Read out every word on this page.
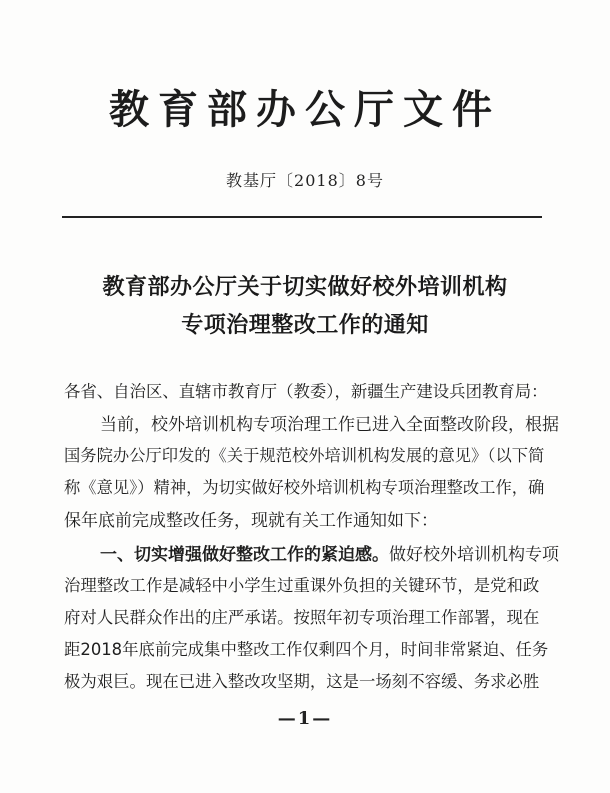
教育部办公厅文件
教基厅〔2018〕8号
教育部办公厅关于切实做好校外培训机构
专项治理整改工作的通知
各省、自治区、直辖市教育厅（教委），新疆生产建设兵团教育局：
当前，校外培训机构专项治理工作已进入全面整改阶段，根据
国务院办公厅印发的《关于规范校外培训机构发展的意见》（以下简
称《意见》）精神，为切实做好校外培训机构专项治理整改工作，确
保年底前完成整改任务，现就有关工作通知如下：
一、切实增强做好整改工作的紧迫感。做好校外培训机构专项
治理整改工作是减轻中小学生过重课外负担的关键环节，是党和政
府对人民群众作出的庄严承诺。按照年初专项治理工作部署，现在
距2018年底前完成集中整改工作仅剩四个月，时间非常紧迫、任务
极为艰巨。现在已进入整改攻坚期，这是一场刻不容缓、务求必胜
—1—
